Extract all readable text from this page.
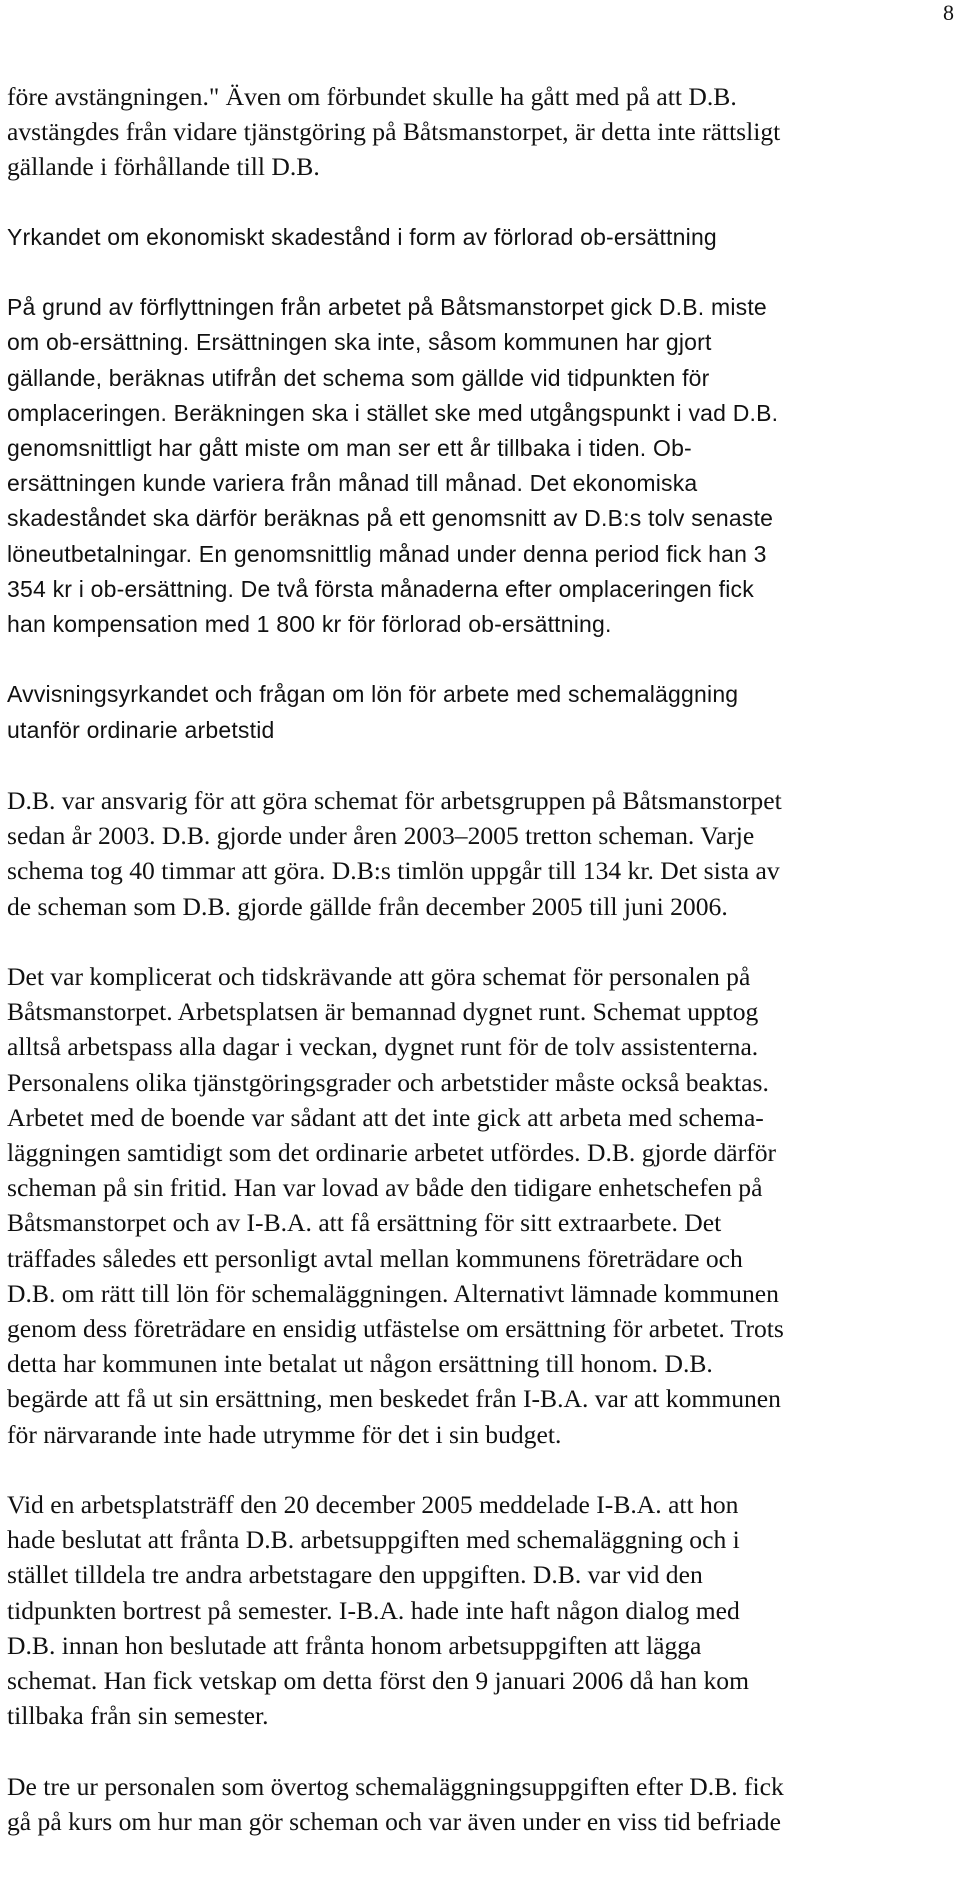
8

före avstängningen." Även om förbundet skulle ha gått med på att D.B.
avstängdes från vidare tjänstgöring på Båtsmanstorpet, är detta inte rättsligt
gällande i förhållande till D.B.

Yrkandet om ekonomiskt skadestånd i form av förlorad ob-ersättning

På grund av förflyttningen från arbetet på Båtsmanstorpet gick D.B. miste
om ob-ersättning. Ersättningen ska inte, såsom kommunen har gjort
gällande, beräknas utifrån det schema som gällde vid tidpunkten för
omplaceringen. Beräkningen ska i stället ske med utgångspunkt i vad D.B.
genomsnittligt har gått miste om man ser ett år tillbaka i tiden. Ob-
ersättningen kunde variera från månad till månad. Det ekonomiska
skadeståndet ska därför beräknas på ett genomsnitt av D.B:s tolv senaste
löneutbetalningar. En genomsnittlig månad under denna period fick han 3
354 kr i ob-ersättning. De två första månaderna efter omplaceringen fick
han kompensation med 1 800 kr för förlorad ob-ersättning.

Avvisningsyrkandet och frågan om lön för arbete med schemaläggning
utanför ordinarie arbetstid

D.B. var ansvarig för att göra schemat för arbetsgruppen på Båtsmanstorpet
sedan år 2003. D.B. gjorde under åren 2003–2005 tretton scheman. Varje
schema tog 40 timmar att göra. D.B:s timlön uppgår till 134 kr. Det sista av
de scheman som D.B. gjorde gällde från december 2005 till juni 2006.

Det var komplicerat och tidskrävande att göra schemat för personalen på
Båtsmanstorpet. Arbetsplatsen är bemannad dygnet runt. Schemat upptog
alltså arbetspass alla dagar i veckan, dygnet runt för de tolv assistenterna.
Personalens olika tjänstgöringsgrader och arbetstider måste också beaktas.
Arbetet med de boende var sådant att det inte gick att arbeta med schema-
läggningen samtidigt som det ordinarie arbetet utfördes. D.B. gjorde därför
scheman på sin fritid. Han var lovad av både den tidigare enhetschefen på
Båtsmanstorpet och av I-B.A. att få ersättning för sitt extraarbete. Det
träffades således ett personligt avtal mellan kommunens företrädare och
D.B. om rätt till lön för schemaläggningen. Alternativt lämnade kommunen
genom dess företrädare en ensidig utfästelse om ersättning för arbetet. Trots
detta har kommunen inte betalat ut någon ersättning till honom. D.B.
begärde att få ut sin ersättning, men beskedet från I-B.A. var att kommunen
för närvarande inte hade utrymme för det i sin budget.

Vid en arbetsplatsträff den 20 december 2005 meddelade I-B.A. att hon
hade beslutat att frånta D.B. arbetsuppgiften med schemaläggning och i
stället tilldela tre andra arbetstagare den uppgiften. D.B. var vid den
tidpunkten bortrest på semester. I-B.A. hade inte haft någon dialog med
D.B. innan hon beslutade att frånta honom arbetsuppgiften att lägga
schemat. Han fick vetskap om detta först den 9 januari 2006 då han kom
tillbaka från sin semester.

De tre ur personalen som övertog schemaläggningsuppgiften efter D.B. fick
gå på kurs om hur man gör scheman och var även under en viss tid befriade
